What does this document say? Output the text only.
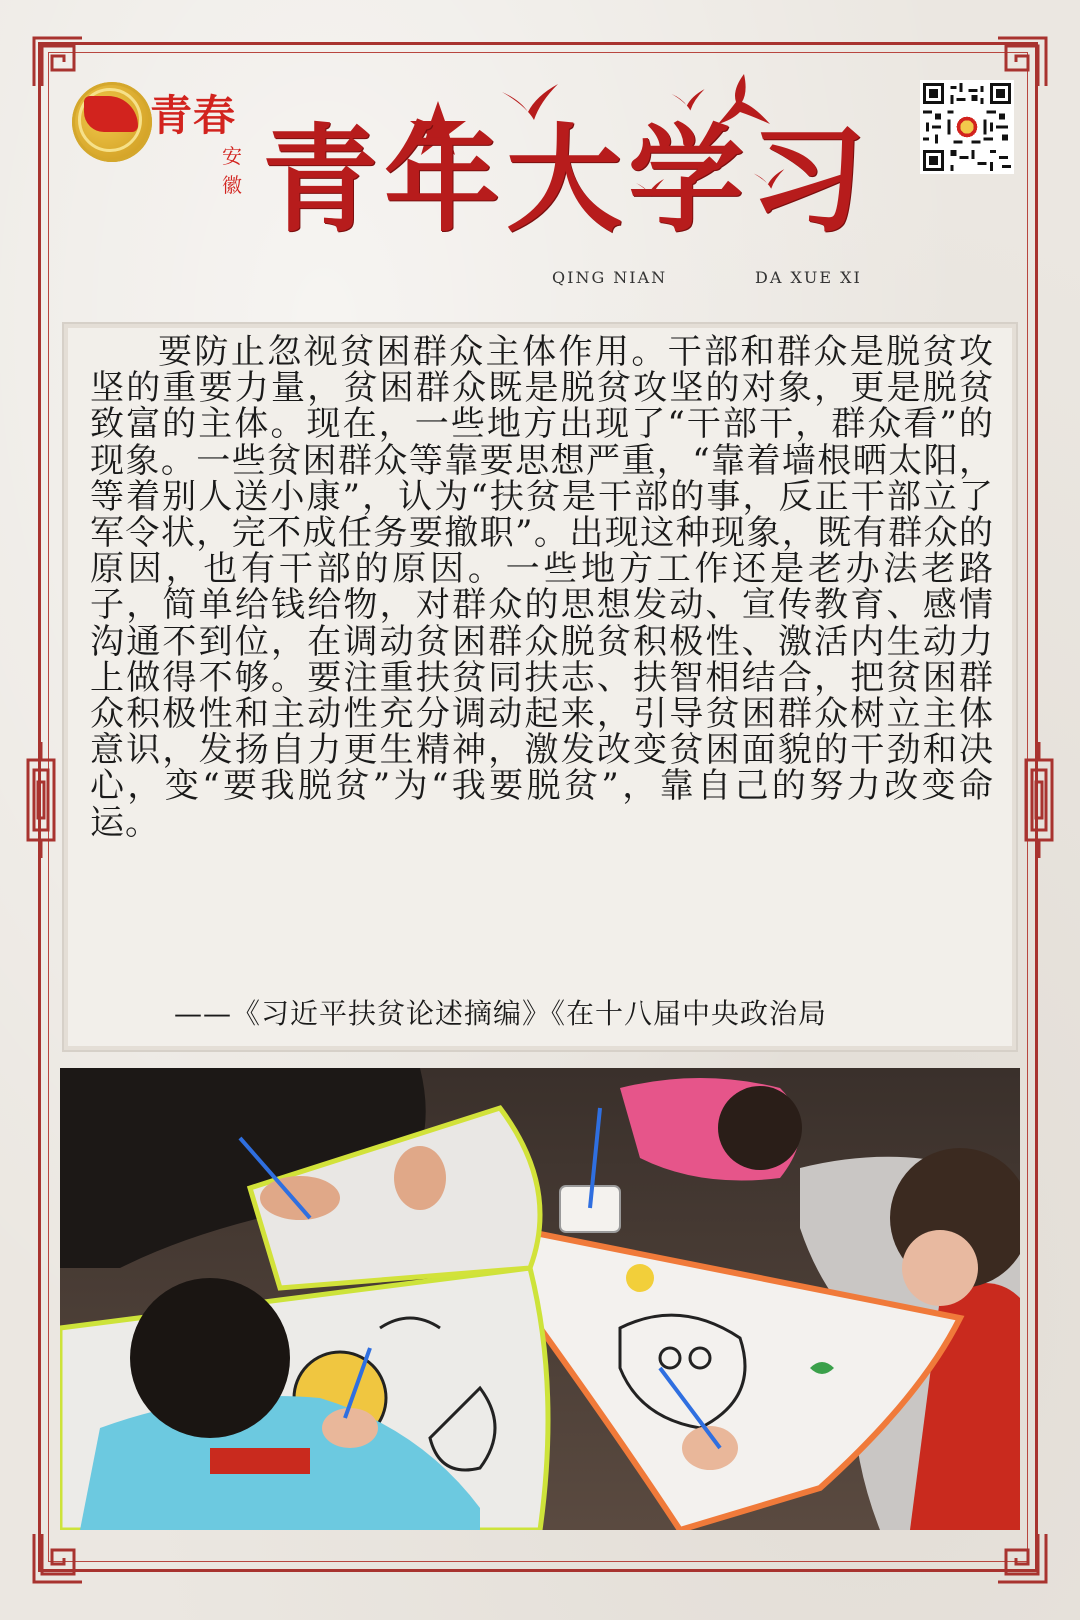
青春
安徽 青年大学习
QING NIAN	DA XUE XI
要防止忽视贫困群众主体作用。干部和群众是脱贫攻坚的重要力量，贫困群众既是脱贫攻坚的对象，更是脱贫致富的主体。现在，一些地方出现了“干部干，群众看”的现象。一些贫困群众等靠要思想严重，“靠着墙根晒太阳，等着别人送小康”，认为“扶贫是干部的事，反正干部立了军令状，完不成任务要撤职”。出现这种现象，既有群众的原因，也有干部的原因。一些地方工作还是老办法老路子，简单给钱给物，对群众的思想发动、宣传教育、感情沟通不到位，在调动贫困群众脱贫积极性、激活内生动力上做得不够。要注重扶贫同扶志、扶智相结合，把贫困群众积极性和主动性充分调动起来，引导贫困群众树立主体意识，发扬自力更生精神，激发改变贫困面貌的干劲和决心，变“要我脱贫”为“我要脱贫”，靠自己的努力改变命运。

——《习近平扶贫论述摘编》《在十八届中央政治局
